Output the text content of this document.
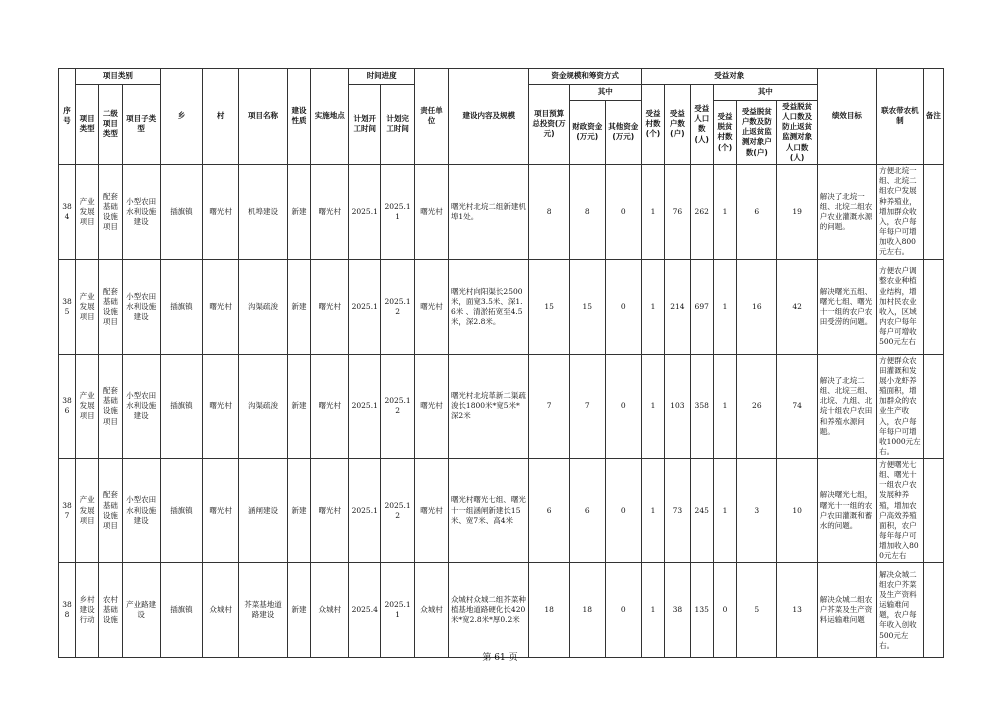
序号	项目类别			乡	村	项目名称	建设性质	实施地点	时间进度		责任单位	建设内容及规模	资金规模和筹资方式			受益对象						绩效目标	联农带农机制	备注
	项目类型	二级项目类型	项目子类型						计划开工时间	计划完工时间			项目预算总投资(万元)	其中		受益村数(个)	受益户数(户)	受益人口数(人)	其中					
														财政资金(万元)	其他资金(万元)				受益脱贫村数(个)	受益脱贫户数及防止返贫监测对象户数(户)	受益脱贫人口数及防止返贫监测对象人口数(人)			
384	产业发展项目	配套基础设施项目	小型农田水利设施建设	插旗镇	曙光村	机埠建设	新建	曙光村	2025.1	2025.11	曙光村	曙光村北垸二组新建机埠1处。	8	8	0	1	76	262	1	6	19	解决了北垸一组、北垸二组农户农业灌溉水源的问题。	方便北垸一组、北垸二组农户发展种养殖业，增加群众收入，农户每年每户可增加收入800元左右。	
385	产业发展项目	配套基础设施项目	小型农田水利设施建设	插旗镇	曙光村	沟渠疏浚	新建	曙光村	2025.1	2025.12	曙光村	曙光村向阳渠长2500米，面宽3.5米、深1.6米 、清淤拓宽至4.5米，深2.8米。	15	15	0	1	214	697	1	16	42	解决曙光五组、曙光七组、曙光十一组的农户农田受涝的问题。	方便农户调整农业种植业结构，增加村民农业收入，区域内农户每年每户可增收500元左右	
386	产业发展项目	配套基础设施项目	小型农田水利设施建设	插旗镇	曙光村	沟渠疏浚	新建	曙光村	2025.1	2025.12	曙光村	曙光村北垸革新二渠疏浚长1800米*宽5米*深2米	7	7	0	1	103	358	1	26	74	解决了北垸二组、北垸三组、北垸、九组、北垸十组农户农田和养殖水源问题。	方便群众农田灌溉和发展小龙虾养殖面积，增加群众的农业生产收入，农户每年每户可增收1000元左右。	
387	产业发展项目	配套基础设施项目	小型农田水利设施建设	插旗镇	曙光村	涵闸建设	新建	曙光村	2025.1	2025.12	曙光村	曙光村曙光七组、曙光十一组涵闸新建长15米、宽7米、高4米	6	6	0	1	73	245	1	3	10	解决曙光七组，曙光十一组的农户农田灌溉和蓄水的问题。	方便曙光七组、曙光十一组农户农发展种养殖，增加农户高效养殖面积，农户每年每户可增加收入800元左右	
388	乡村建设行动	农村基础设施	产业路建设	插旗镇	众城村	芥菜基地道路建设	新建	众城村	2025.4	2025.11	众城村	众城村众城二组芥菜种植基地道路硬化长420米*宽2.8米*厚0.2米	18	18	0	1	38	135	0	5	13	解决众城二组农户芥菜及生产资料运输难问题	解决众城二组农户芥菜及生产资料运输难问题，农户每年收入创收500元左右。	
第 61 页
